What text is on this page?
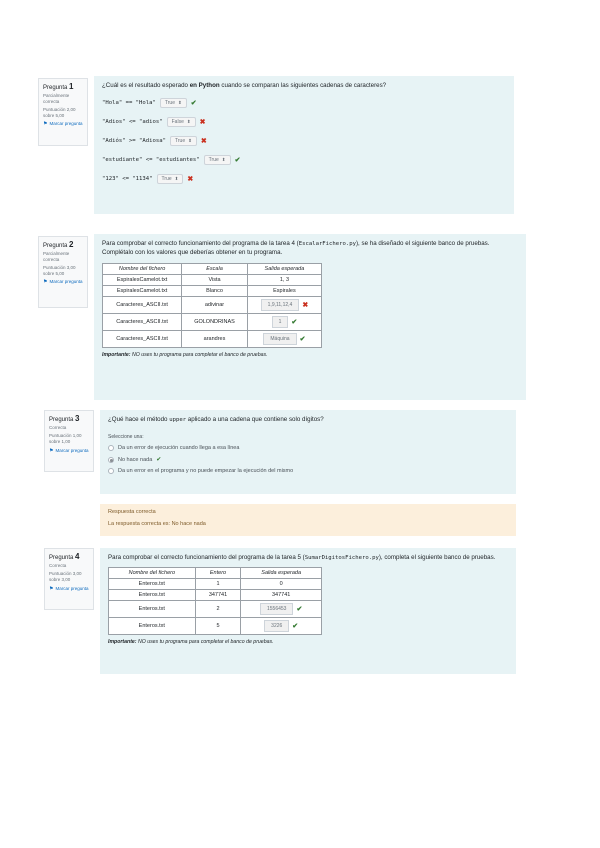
Pregunta 1
Parcialmente correcta
Puntuación 2,00 sobre 5,00
⚑ Marcar pregunta
¿Cuál es el resultado esperado en Python cuando se comparan las siguientes cadenas de caracteres?
"Hola" == "Hola" True ⬍ ✔
"Adios" <= "adios" False ⬍ ✖
"Adiós" >= "Adiosa" True ⬍ ✖
"estudiante" <= "estudiantes" True ⬍ ✔
"123" <= "1134" True ⬍ ✖
Pregunta 2
Parcialmente correcta
Puntuación 3,00 sobre 5,00
⚑ Marcar pregunta
Para comprobar el correcto funcionamiento del programa de la tarea 4 (EscalarFichero.py), se ha diseñado el siguiente banco de pruebas. Complétalo con los valores que deberías obtener en tu programa.
Nombre del fichero	Escala	Salida esperada
EspiralesCamelot.txt	Vista	1, 3
EspiralesCamelot.txt	Blanco	Espirales
Caracteres_ASCII.txt	adivinar	1,9,11,12,4 ✖

Caracteres_ASCII.txt	GOLONDRINAS	1 ✔

Caracteres_ASCII.txt	arandres	Máquina ✔
Importante: NO uses tu programa para completar el banco de pruebas.
Pregunta 3
Correcta
Puntuación 1,00 sobre 1,00
⚑ Marcar pregunta
¿Qué hace el método upper aplicado a una cadena que contiene solo dígitos?
Seleccione una:
Da un error de ejecución cuando llega a esa línea
No hace nada ✔
Da un error en el programa y no puede empezar la ejecución del mismo
Respuesta correcta
La respuesta correcta es: No hace nada
Pregunta 4
Correcta
Puntuación 3,00 sobre 3,00
⚑ Marcar pregunta
Para comprobar el correcto funcionamiento del programa de la tarea 5 (SumarDigitosFichero.py), completa el siguiente banco de pruebas.
Nombre del fichero	Entero	Salida esperada
Enteros.txt	1	0
Enteros.txt	347741	347741
Enteros.txt	2	1556453 ✔

Enteros.txt	5	3226 ✔
Importante: NO uses tu programa para completar el banco de pruebas.
